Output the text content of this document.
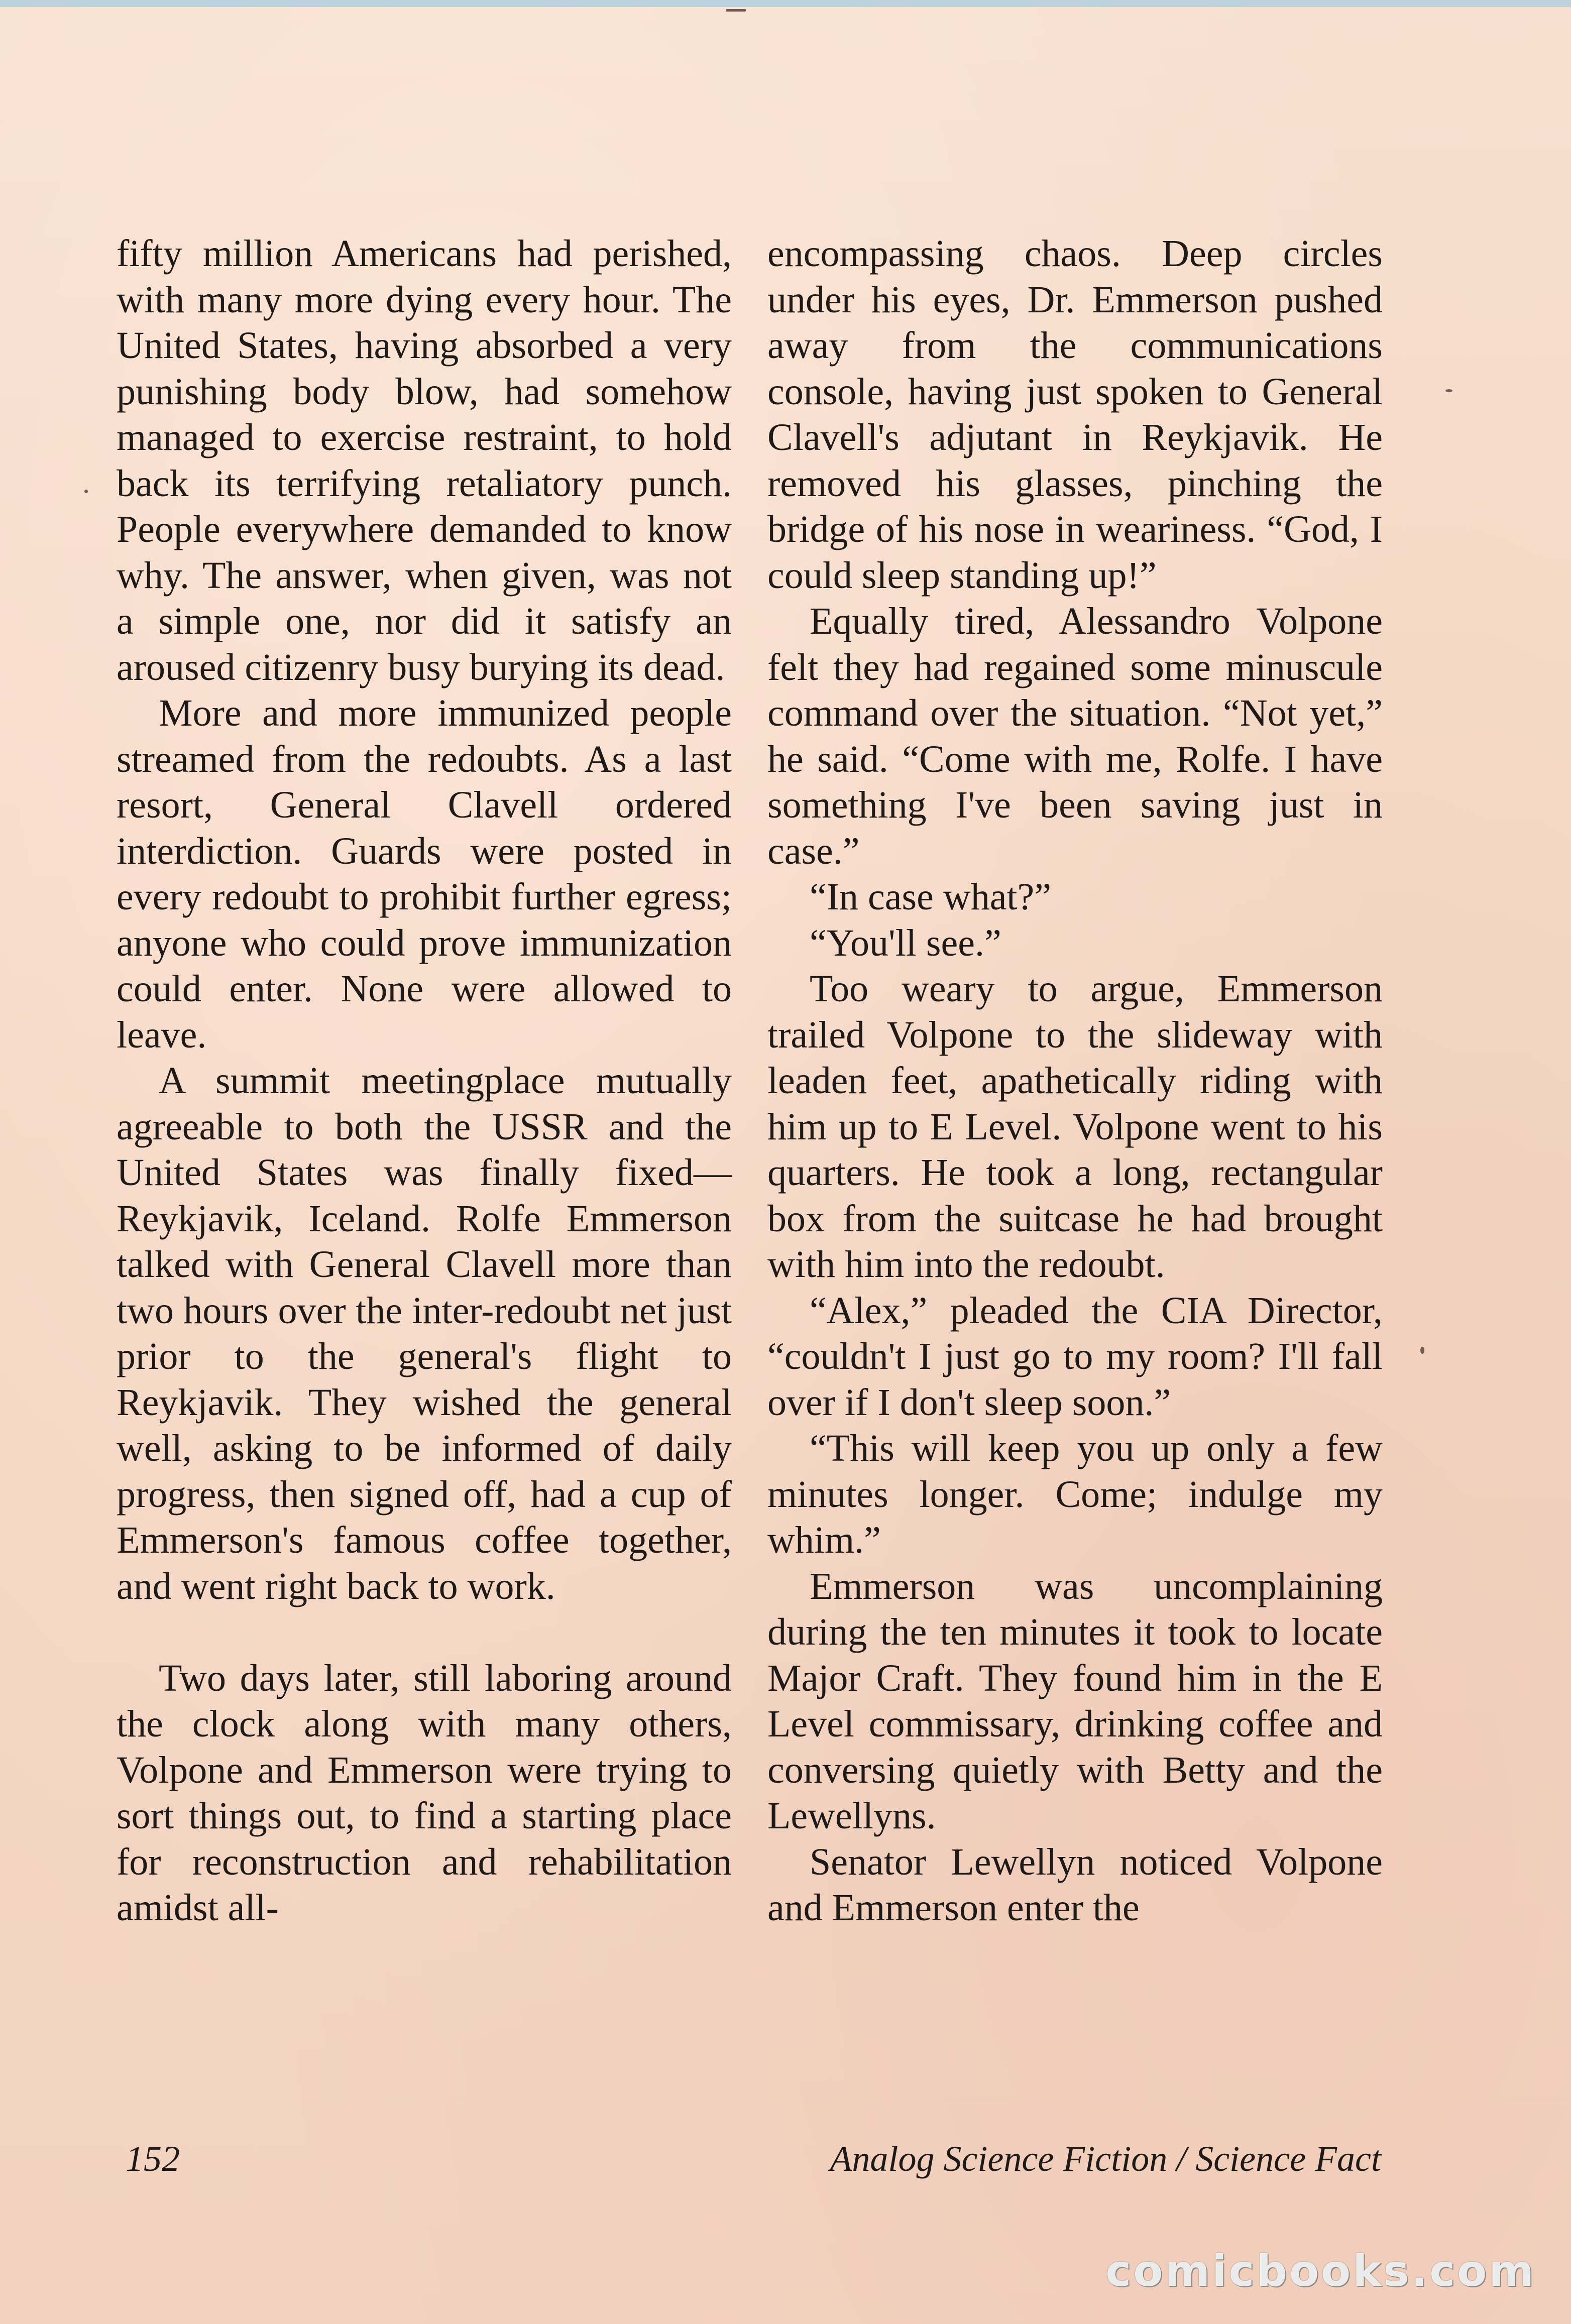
fifty million Americans had perished, with many more dying every hour. The United States, having absorbed a very punishing body blow, had somehow managed to exercise restraint, to hold back its terrifying retaliatory punch. People everywhere demanded to know why. The answer, when given, was not a simple one, nor did it satisfy an aroused citizenry busy burying its dead.

More and more immunized people streamed from the redoubts. As a last resort, General Clavell ordered interdiction. Guards were posted in every redoubt to prohibit further egress; anyone who could prove immunization could enter. None were allowed to leave.

A summit meetingplace mutually agreeable to both the USSR and the United States was finally fixed—Reykjavik, Iceland. Rolfe Emmerson talked with General Clavell more than two hours over the inter-redoubt net just prior to the general's flight to Reykjavik. They wished the general well, asking to be informed of daily progress, then signed off, had a cup of Emmerson's famous coffee together, and went right back to work.

Two days later, still laboring around the clock along with many others, Volpone and Emmerson were trying to sort things out, to find a starting place for reconstruction and rehabilitation amidst all-

encompassing chaos. Deep circles under his eyes, Dr. Emmerson pushed away from the communications console, having just spoken to General Clavell's adjutant in Reykjavik. He removed his glasses, pinching the bridge of his nose in weariness. “God, I could sleep standing up!”

Equally tired, Alessandro Volpone felt they had regained some minuscule command over the situation. “Not yet,” he said. “Come with me, Rolfe. I have something I've been saving just in case.”

“In case what?”

“You'll see.”

Too weary to argue, Emmerson trailed Volpone to the slideway with leaden feet, apathetically riding with him up to E Level. Volpone went to his quarters. He took a long, rectangular box from the suitcase he had brought with him into the redoubt.

“Alex,” pleaded the CIA Director, “couldn't I just go to my room? I'll fall over if I don't sleep soon.”

“This will keep you up only a few minutes longer. Come; indulge my whim.”

Emmerson was uncomplaining during the ten minutes it took to locate Major Craft. They found him in the E Level commissary, drinking coffee and conversing quietly with Betty and the Lewellyns.

Senator Lewellyn noticed Volpone and Emmerson enter the

152	Analog Science Fiction / Science Fact
comicbooks.com
